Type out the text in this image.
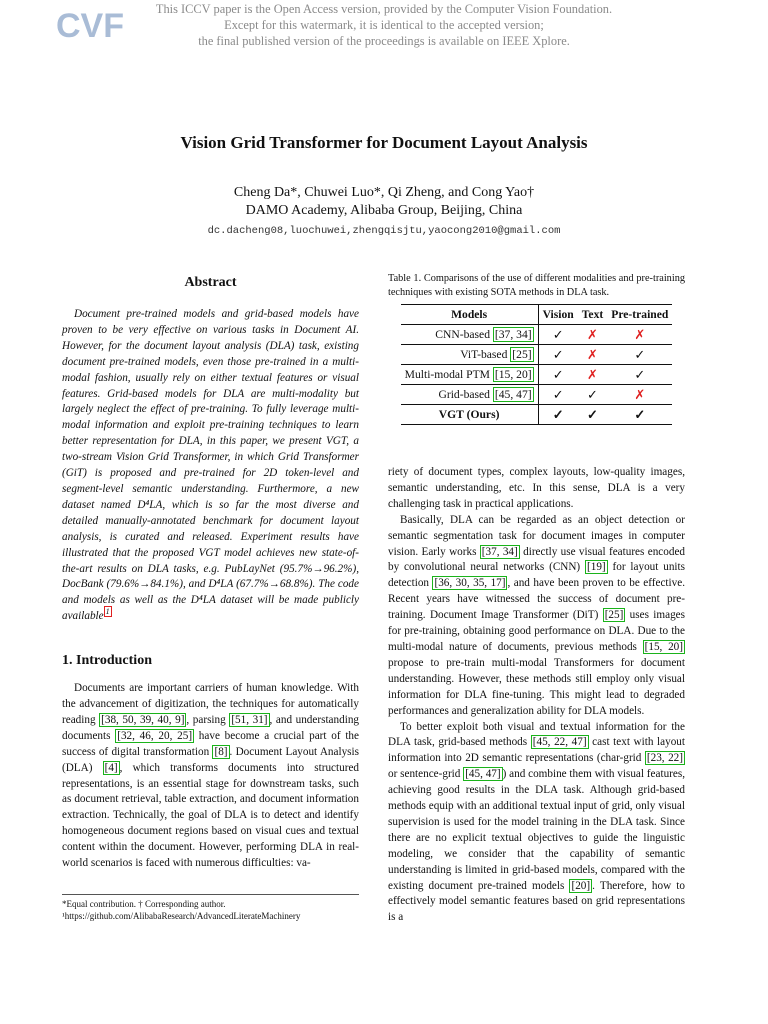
CVF	This ICCV paper is the Open Access version, provided by the Computer Vision Foundation.
Except for this watermark, it is identical to the accepted version;
the final published version of the proceedings is available on IEEE Xplore.
Vision Grid Transformer for Document Layout Analysis
Cheng Da*, Chuwei Luo*, Qi Zheng, and Cong Yao†
DAMO Academy, Alibaba Group, Beijing, China
dc.dacheng08,luochuwei,zhengqisjtu,yaocong2010@gmail.com
Abstract

Document pre-trained models and grid-based models have proven to be very effective on various tasks in Document AI. However, for the document layout analysis (DLA) task, existing document pre-trained models, even those pre-trained in a multi-modal fashion, usually rely on either textual features or visual features. Grid-based models for DLA are multi-modality but largely neglect the effect of pre-training. To fully leverage multi-modal information and exploit pre-training techniques to learn better representation for DLA, in this paper, we present VGT, a two-stream Vision Grid Transformer, in which Grid Transformer (GiT) is proposed and pre-trained for 2D token-level and segment-level semantic understanding. Furthermore, a new dataset named D⁴LA, which is so far the most diverse and detailed manually-annotated benchmark for document layout analysis, is curated and released. Experiment results have illustrated that the proposed VGT model achieves new state-of-the-art results on DLA tasks, e.g. PubLayNet (95.7%→96.2%), DocBank (79.6%→84.1%), and D⁴LA (67.7%→68.8%). The code and models as well as the D⁴LA dataset will be made publicly available $^1$

1. Introduction

Documents are important carriers of human knowledge. With the advancement of digitization, the techniques for automatically reading [38, 50, 39, 40, 9] , parsing [51, 31] , and understanding documents [32, 46, 20, 25] have become a crucial part of the success of digital transformation [8] . Document Layout Analysis (DLA) [4] , which transforms documents into structured representations, is an essential stage for downstream tasks, such as document retrieval, table extraction, and document information extraction. Technically, the goal of DLA is to detect and identify homogeneous document regions based on visual cues and textual content within the document. However, performing DLA in real-world scenarios is faced with numerous difficulties: va-

*Equal contribution. † Corresponding author.
¹https://github.com/AlibabaResearch/AdvancedLiterateMachinery

Table 1. Comparisons of the use of different modalities and pre-training techniques with existing SOTA methods in DLA task.

Models	Vision	Text	Pre-trained
CNN-based [37, 34]	✓	✗	✗
ViT-based [25]	✓	✗	✓
Multi-modal PTM [15, 20]	✓	✗	✓
Grid-based [45, 47]	✓	✓	✗
VGT (Ours)	✓	✓	✓

riety of document types, complex layouts, low-quality images, semantic understanding, etc. In this sense, DLA is a very challenging task in practical applications.

Basically, DLA can be regarded as an object detection or semantic segmentation task for document images in computer vision. Early works [37, 34] directly use visual features encoded by convolutional neural networks (CNN) [19] for layout units detection [36, 30, 35, 17] , and have been proven to be effective. Recent years have witnessed the success of document pre-training. Document Image Transformer (DiT) [25] uses images for pre-training, obtaining good performance on DLA. Due to the multi-modal nature of documents, previous methods [15, 20] propose to pre-train multi-modal Transformers for document understanding. However, these methods still employ only visual information for DLA fine-tuning. This might lead to degraded performances and generalization ability for DLA models.

To better exploit both visual and textual information for the DLA task, grid-based methods [45, 22, 47] cast text with layout information into 2D semantic representations (char-grid [23, 22] or sentence-grid [45, 47] ) and combine them with visual features, achieving good results in the DLA task. Although grid-based methods equip with an additional textual input of grid, only visual supervision is used for the model training in the DLA task. Since there are no explicit textual objectives to guide the linguistic modeling, we consider that the capability of semantic understanding is limited in grid-based models, compared with the existing document pre-trained models [20] . Therefore, how to effectively model semantic features based on grid representations is a
